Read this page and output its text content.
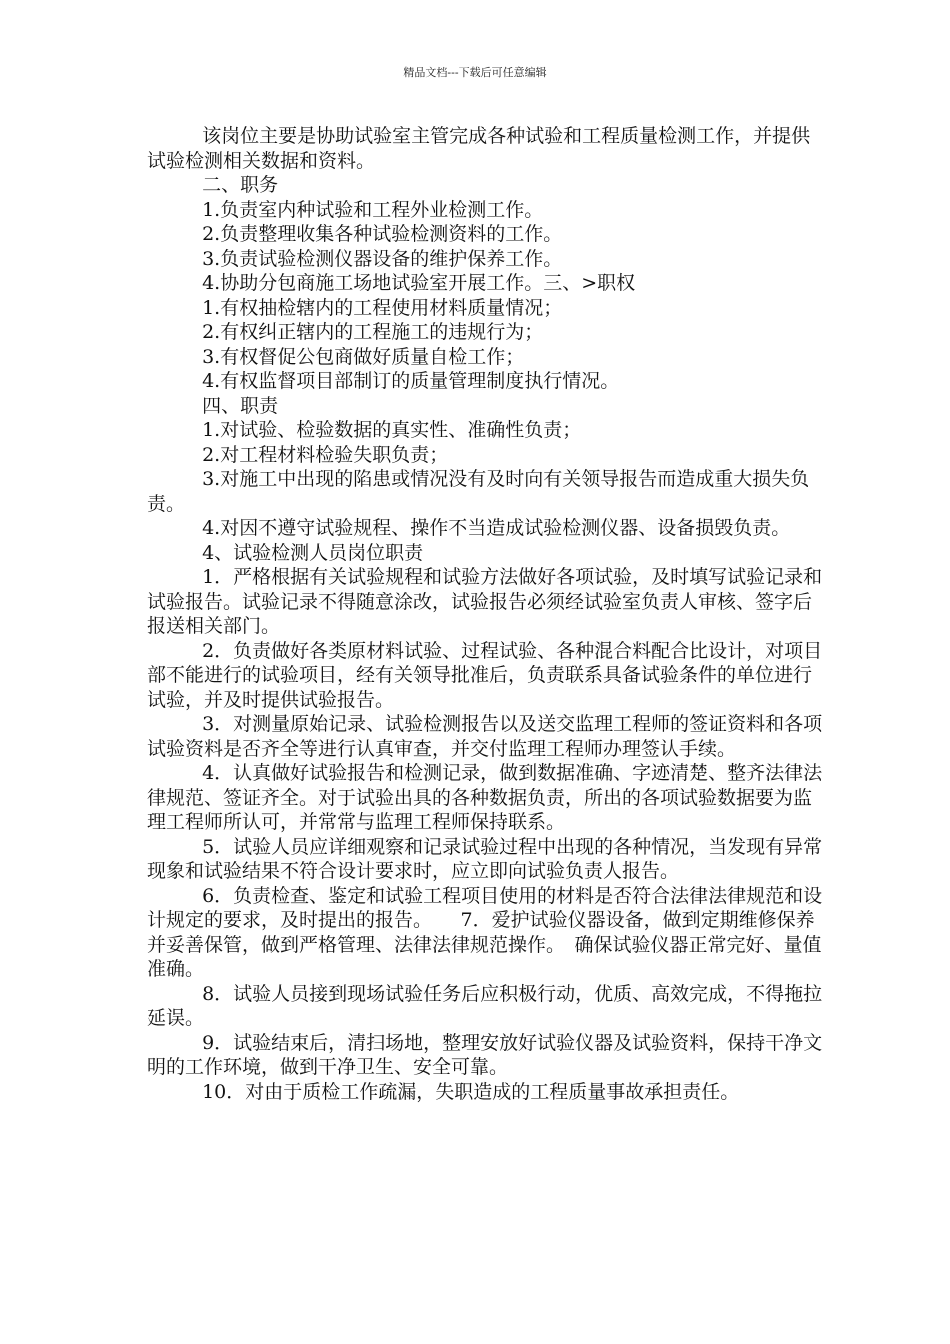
精品文档---下载后可任意编辑

该岗位主要是协助试验室主管完成各种试验和工程质量检测工作，并提供试验检测相关数据和资料。

二、职务

1.负责室内种试验和工程外业检测工作。

2.负责整理收集各种试验检测资料的工作。

3.负责试验检测仪器设备的维护保养工作。

4.协助分包商施工场地试验室开展工作。三、>职权

1.有权抽检辖内的工程使用材料质量情况；

2.有权纠正辖内的工程施工的违规行为；

3.有权督促公包商做好质量自检工作；

4.有权监督项目部制订的质量管理制度执行情况。

四、职责

1.对试验、检验数据的真实性、准确性负责；

2.对工程材料检验失职负责；

3.对施工中出现的陷患或情况没有及时向有关领导报告而造成重大损失负责。

4.对因不遵守试验规程、操作不当造成试验检测仪器、设备损毁负责。

4、试验检测人员岗位职责

1．严格根据有关试验规程和试验方法做好各项试验，及时填写试验记录和试验报告。试验记录不得随意涂改，试验报告必须经试验室负责人审核、签字后报送相关部门。

2．负责做好各类原材料试验、过程试验、各种混合料配合比设计，对项目部不能进行的试验项目，经有关领导批准后，负责联系具备试验条件的单位进行试验，并及时提供试验报告。

3．对测量原始记录、试验检测报告以及送交监理工程师的签证资料和各项试验资料是否齐全等进行认真审查，并交付监理工程师办理签认手续。

4．认真做好试验报告和检测记录，做到数据准确、字迹清楚、整齐法律法律规范、签证齐全。对于试验出具的各种数据负责，所出的各项试验数据要为监理工程师所认可，并常常与监理工程师保持联系。

5．试验人员应详细观察和记录试验过程中出现的各种情况，当发现有异常现象和试验结果不符合设计要求时，应立即向试验负责人报告。

6．负责检查、鉴定和试验工程项目使用的材料是否符合法律法律规范和设计规定的要求，及时提出的报告。　　7．爱护试验仪器设备，做到定期维修保养并妥善保管，做到严格管理、法律法律规范操作。　确保试验仪器正常完好、量值准确。

8．试验人员接到现场试验任务后应积极行动，优质、高效完成，不得拖拉延误。

9．试验结束后，清扫场地，整理安放好试验仪器及试验资料，保持干净文明的工作环境，做到干净卫生、安全可靠。

10．对由于质检工作疏漏，失职造成的工程质量事故承担责任。
